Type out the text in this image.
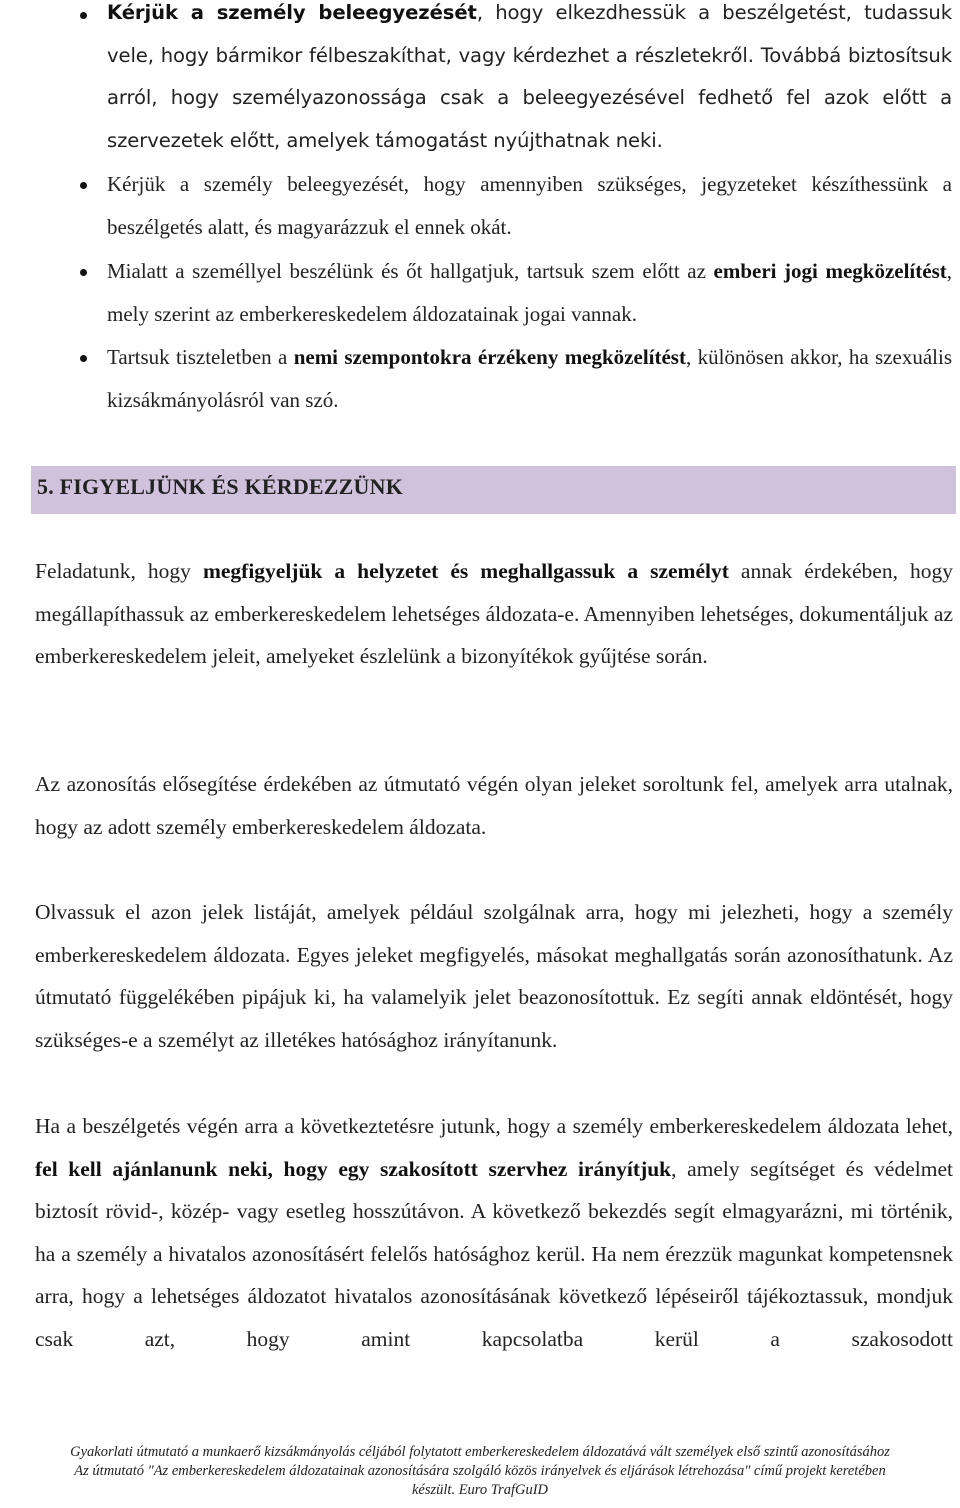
Kérjük a személy beleegyezését, hogy elkezdhessük a beszélgetést, tudassuk vele, hogy bármikor félbeszakíthat, vagy kérdezhet a részletekről. Továbbá biztosítsuk arról, hogy személyazonossága csak a beleegyezésével fedhető fel azok előtt a szervezetek előtt, amelyek támogatást nyújthatnak neki.
Kérjük a személy beleegyezését, hogy amennyiben szükséges, jegyzeteket készíthessünk a beszélgetés alatt, és magyarázzuk el ennek okát.
Mialatt a személlyel beszélünk és őt hallgatjuk, tartsuk szem előtt az emberi jogi megközelítést, mely szerint az emberkereskedelem áldozatainak jogai vannak.
Tartsuk tiszteletben a nemi szempontokra érzékeny megközelítést, különösen akkor, ha szexuális kizsákmányolásról van szó.
5. FIGYELJÜNK ÉS KÉRDEZZÜNK

Feladatunk, hogy megfigyeljük a helyzetet és meghallgassuk a személyt annak érdekében, hogy megállapíthassuk az emberkereskedelem lehetséges áldozata-e. Amennyiben lehetséges, dokumentáljuk az emberkereskedelem jeleit, amelyeket észlelünk a bizonyítékok gyűjtése során.

Az azonosítás elősegítése érdekében az útmutató végén olyan jeleket soroltunk fel, amelyek arra utalnak, hogy az adott személy emberkereskedelem áldozata.

Olvassuk el azon jelek listáját, amelyek például szolgálnak arra, hogy mi jelezheti, hogy a személy emberkereskedelem áldozata. Egyes jeleket megfigyelés, másokat meghallgatás során azonosíthatunk. Az útmutató függelékében pipájuk ki, ha valamelyik jelet beazonosítottuk. Ez segíti annak eldöntését, hogy szükséges-e a személyt az illetékes hatósághoz irányítanunk.

Ha a beszélgetés végén arra a következtetésre jutunk, hogy a személy emberkereskedelem áldozata lehet, fel kell ajánlanunk neki, hogy egy szakosított szervhez irányítjuk, amely segítséget és védelmet biztosít rövid-, közép- vagy esetleg hosszútávon. A következő bekezdés segít elmagyarázni, mi történik, ha a személy a hivatalos azonosításért felelős hatósághoz kerül. Ha nem érezzük magunkat kompetensnek arra, hogy a lehetséges áldozatot hivatalos azonosításának következő lépéseiről tájékoztassuk, mondjuk csak azt, hogy amint kapcsolatba kerül a szakosodott

Gyakorlati útmutató a munkaerő kizsákmányolás céljából folytatott emberkereskedelem áldozatává vált személyek első szintű azonosításához
Az útmutató "Az emberkereskedelem áldozatainak azonosítására szolgáló közös irányelvek és eljárások létrehozása" című projekt keretében
készült. Euro TrafGuID
